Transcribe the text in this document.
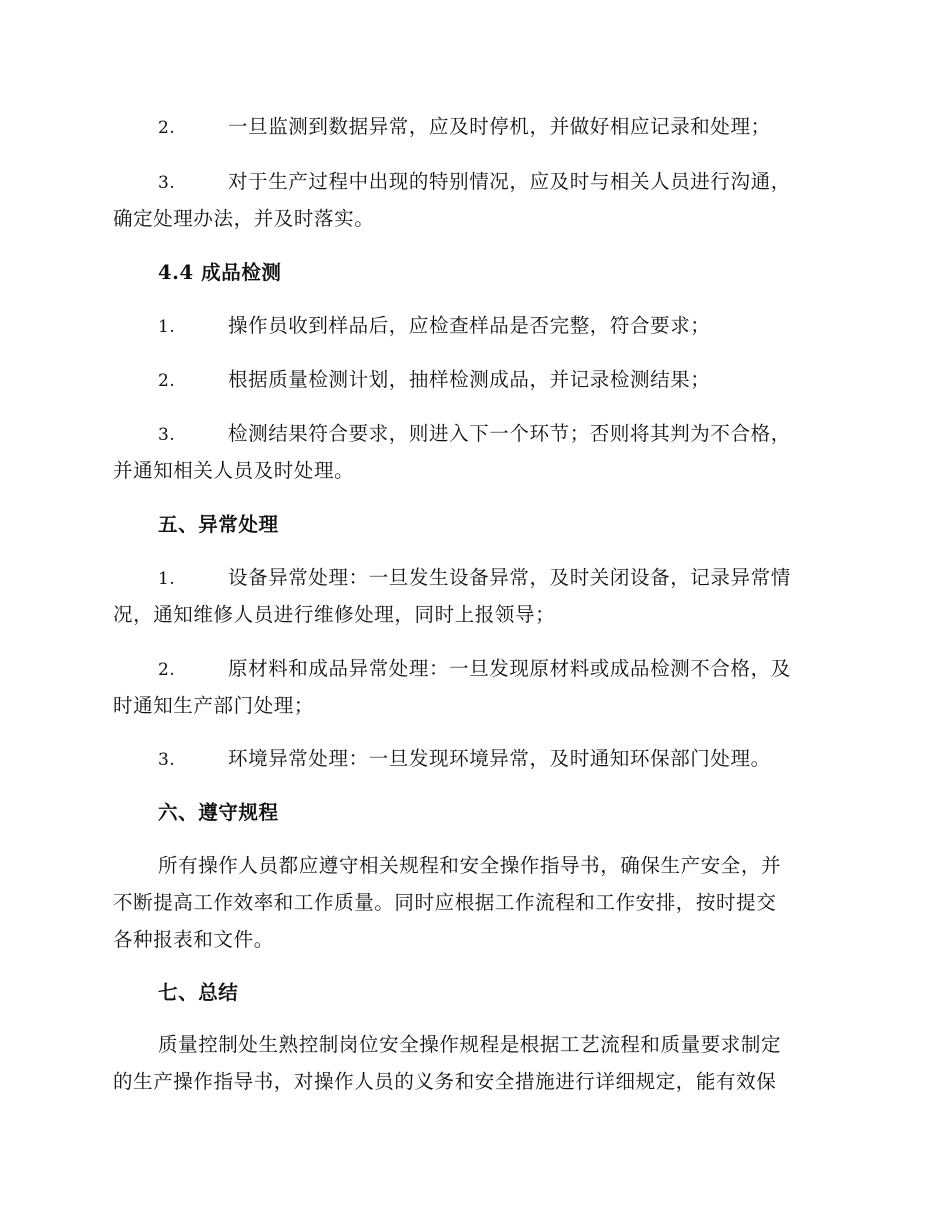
2.	一旦监测到数据异常，应及时停机，并做好相应记录和处理；
3.	对于生产过程中出现的特别情况，应及时与相关人员进行沟通，
确定处理办法，并及时落实。
4.4 成品检测
1.	操作员收到样品后，应检查样品是否完整，符合要求；
2.	根据质量检测计划，抽样检测成品，并记录检测结果；
3.	检测结果符合要求，则进入下一个环节；否则将其判为不合格，
并通知相关人员及时处理。
五、异常处理
1.	设备异常处理：一旦发生设备异常，及时关闭设备，记录异常情
况，通知维修人员进行维修处理，同时上报领导；
2.	原材料和成品异常处理：一旦发现原材料或成品检测不合格，及
时通知生产部门处理；
3.	环境异常处理：一旦发现环境异常，及时通知环保部门处理。
六、遵守规程
所有操作人员都应遵守相关规程和安全操作指导书，确保生产安全，并
不断提高工作效率和工作质量。同时应根据工作流程和工作安排，按时提交
各种报表和文件。
七、总结
质量控制处生熟控制岗位安全操作规程是根据工艺流程和质量要求制定
的生产操作指导书，对操作人员的义务和安全措施进行详细规定，能有效保
